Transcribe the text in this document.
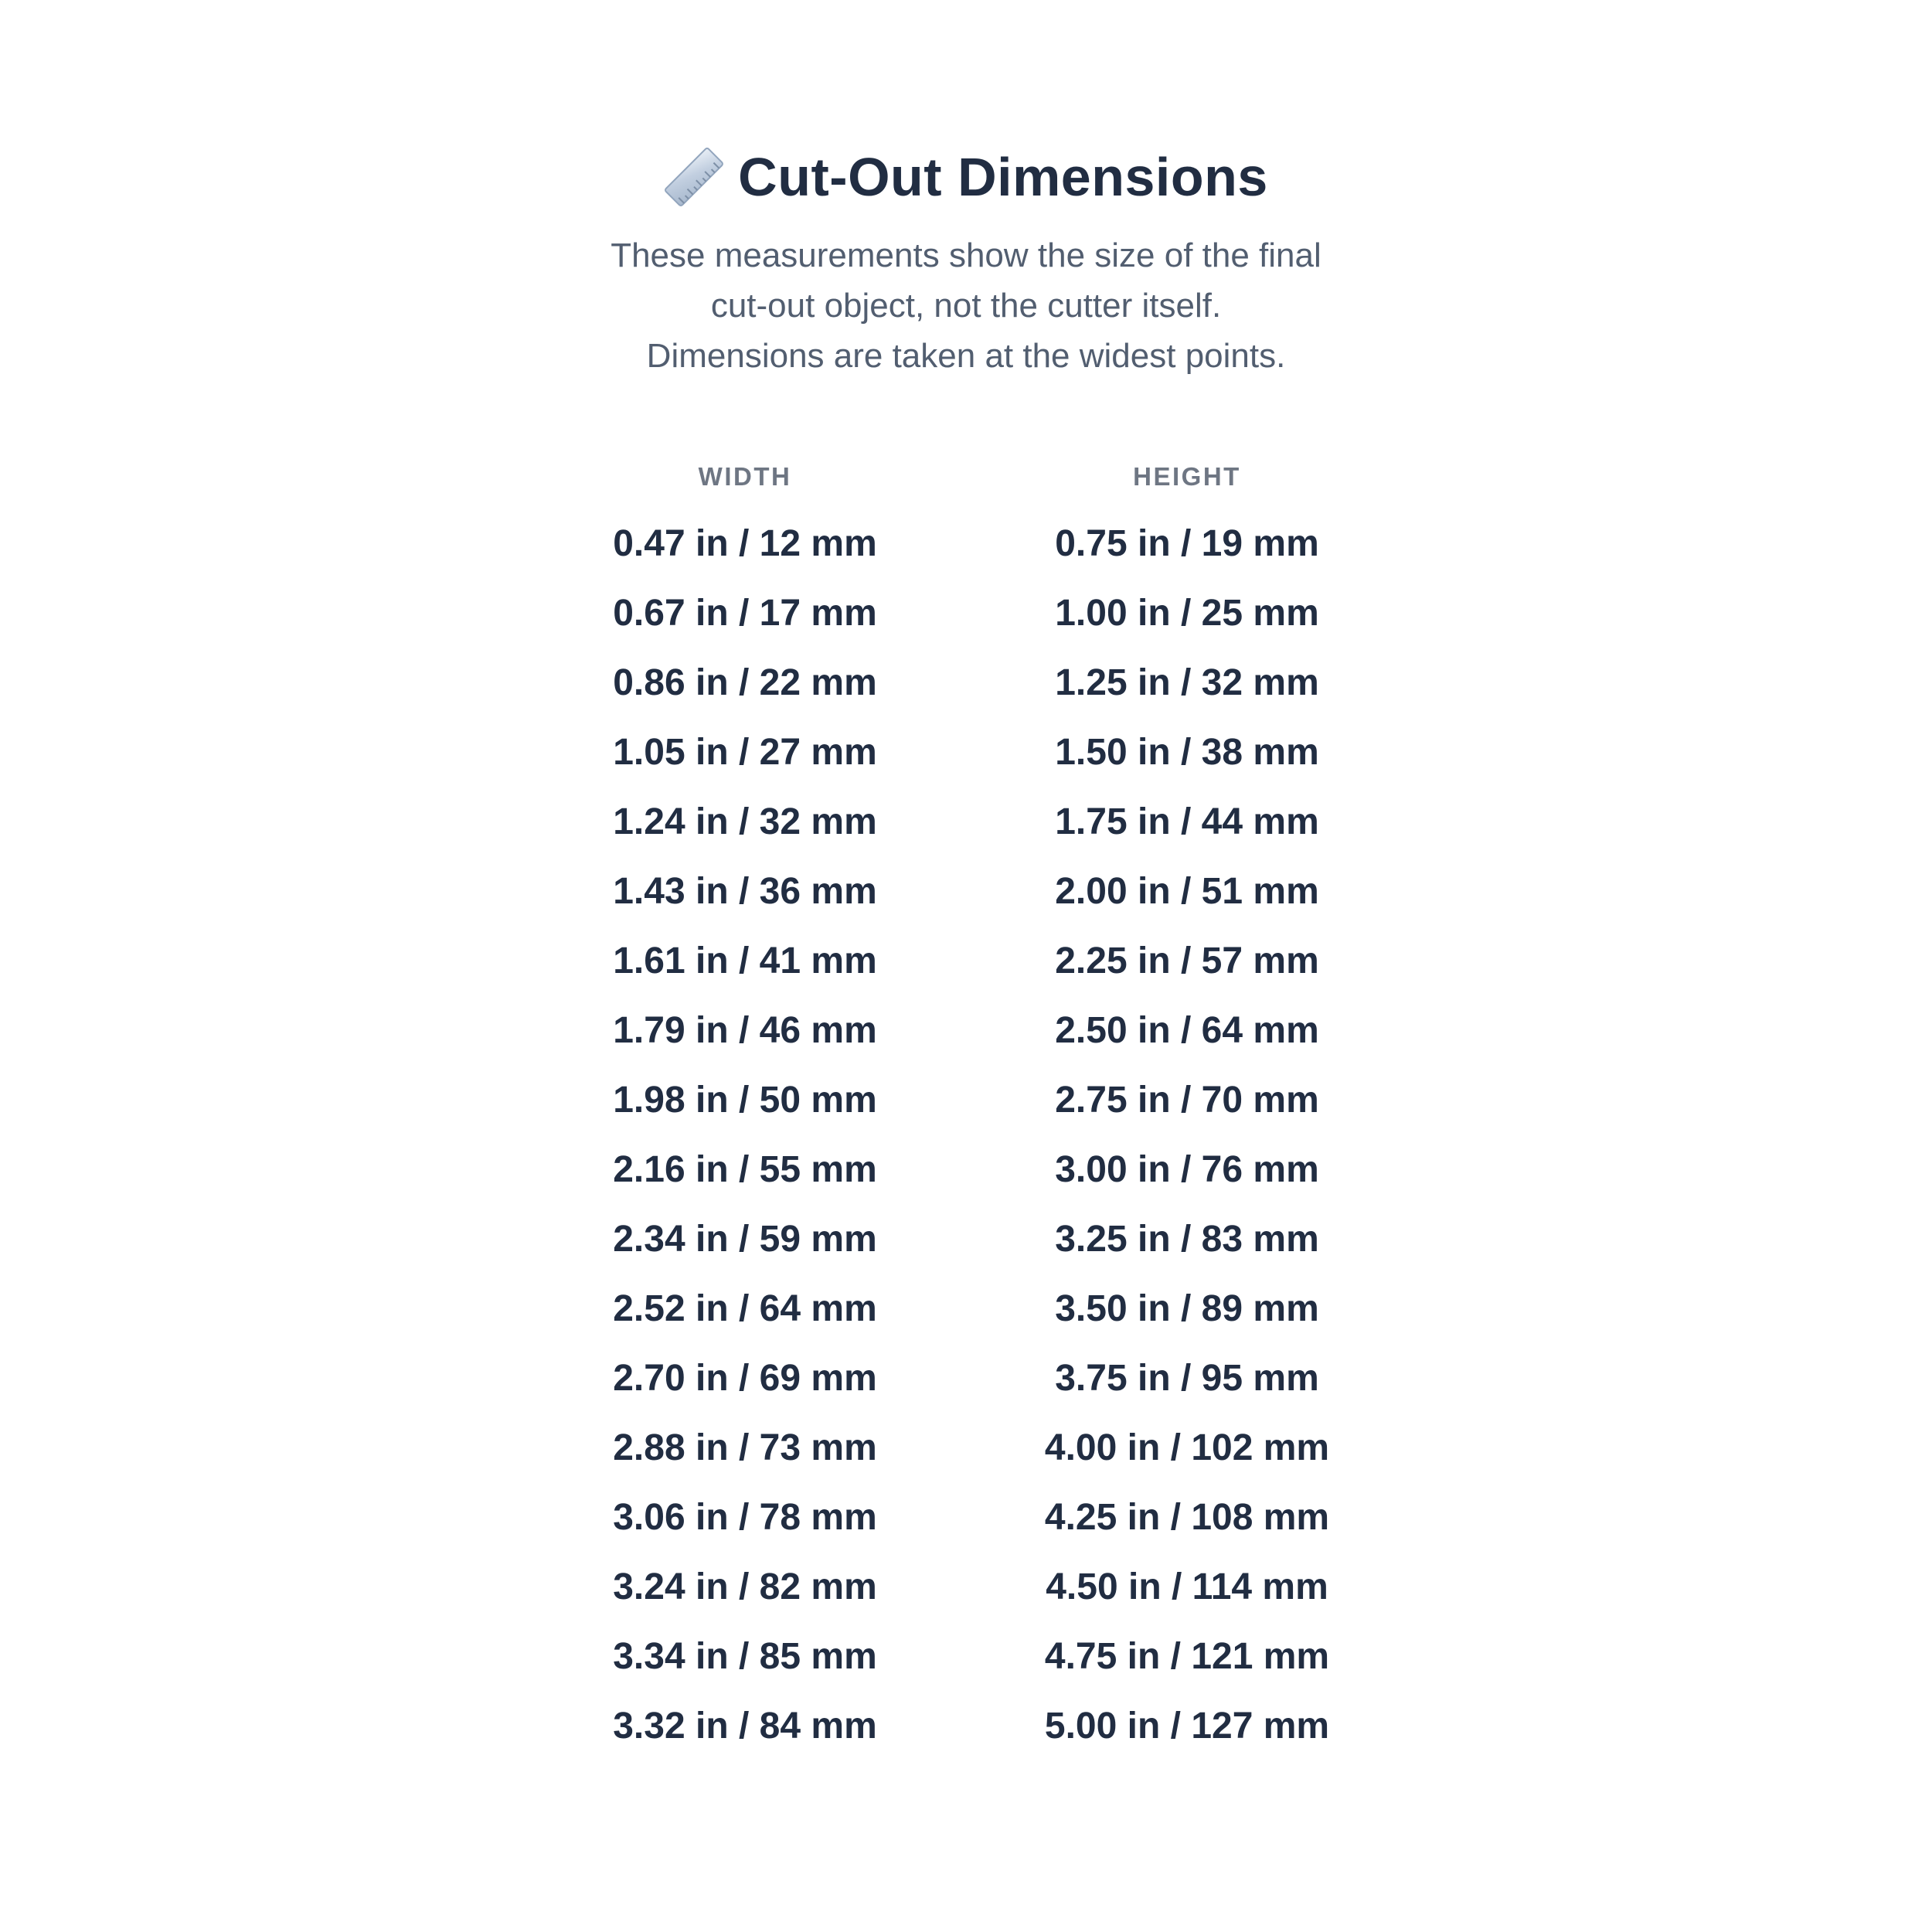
Cut-Out Dimensions
These measurements show the size of the final
cut-out object, not the cutter itself.
Dimensions are taken at the widest points.
WIDTH
0.47 in / 12 mm
0.67 in / 17 mm
0.86 in / 22 mm
1.05 in / 27 mm
1.24 in / 32 mm
1.43 in / 36 mm
1.61 in / 41 mm
1.79 in / 46 mm
1.98 in / 50 mm
2.16 in / 55 mm
2.34 in / 59 mm
2.52 in / 64 mm
2.70 in / 69 mm
2.88 in / 73 mm
3.06 in / 78 mm
3.24 in / 82 mm
3.34 in / 85 mm
3.32 in / 84 mm
HEIGHT
0.75 in / 19 mm
1.00 in / 25 mm
1.25 in / 32 mm
1.50 in / 38 mm
1.75 in / 44 mm
2.00 in / 51 mm
2.25 in / 57 mm
2.50 in / 64 mm
2.75 in / 70 mm
3.00 in / 76 mm
3.25 in / 83 mm
3.50 in / 89 mm
3.75 in / 95 mm
4.00 in / 102 mm
4.25 in / 108 mm
4.50 in / 114 mm
4.75 in / 121 mm
5.00 in / 127 mm
